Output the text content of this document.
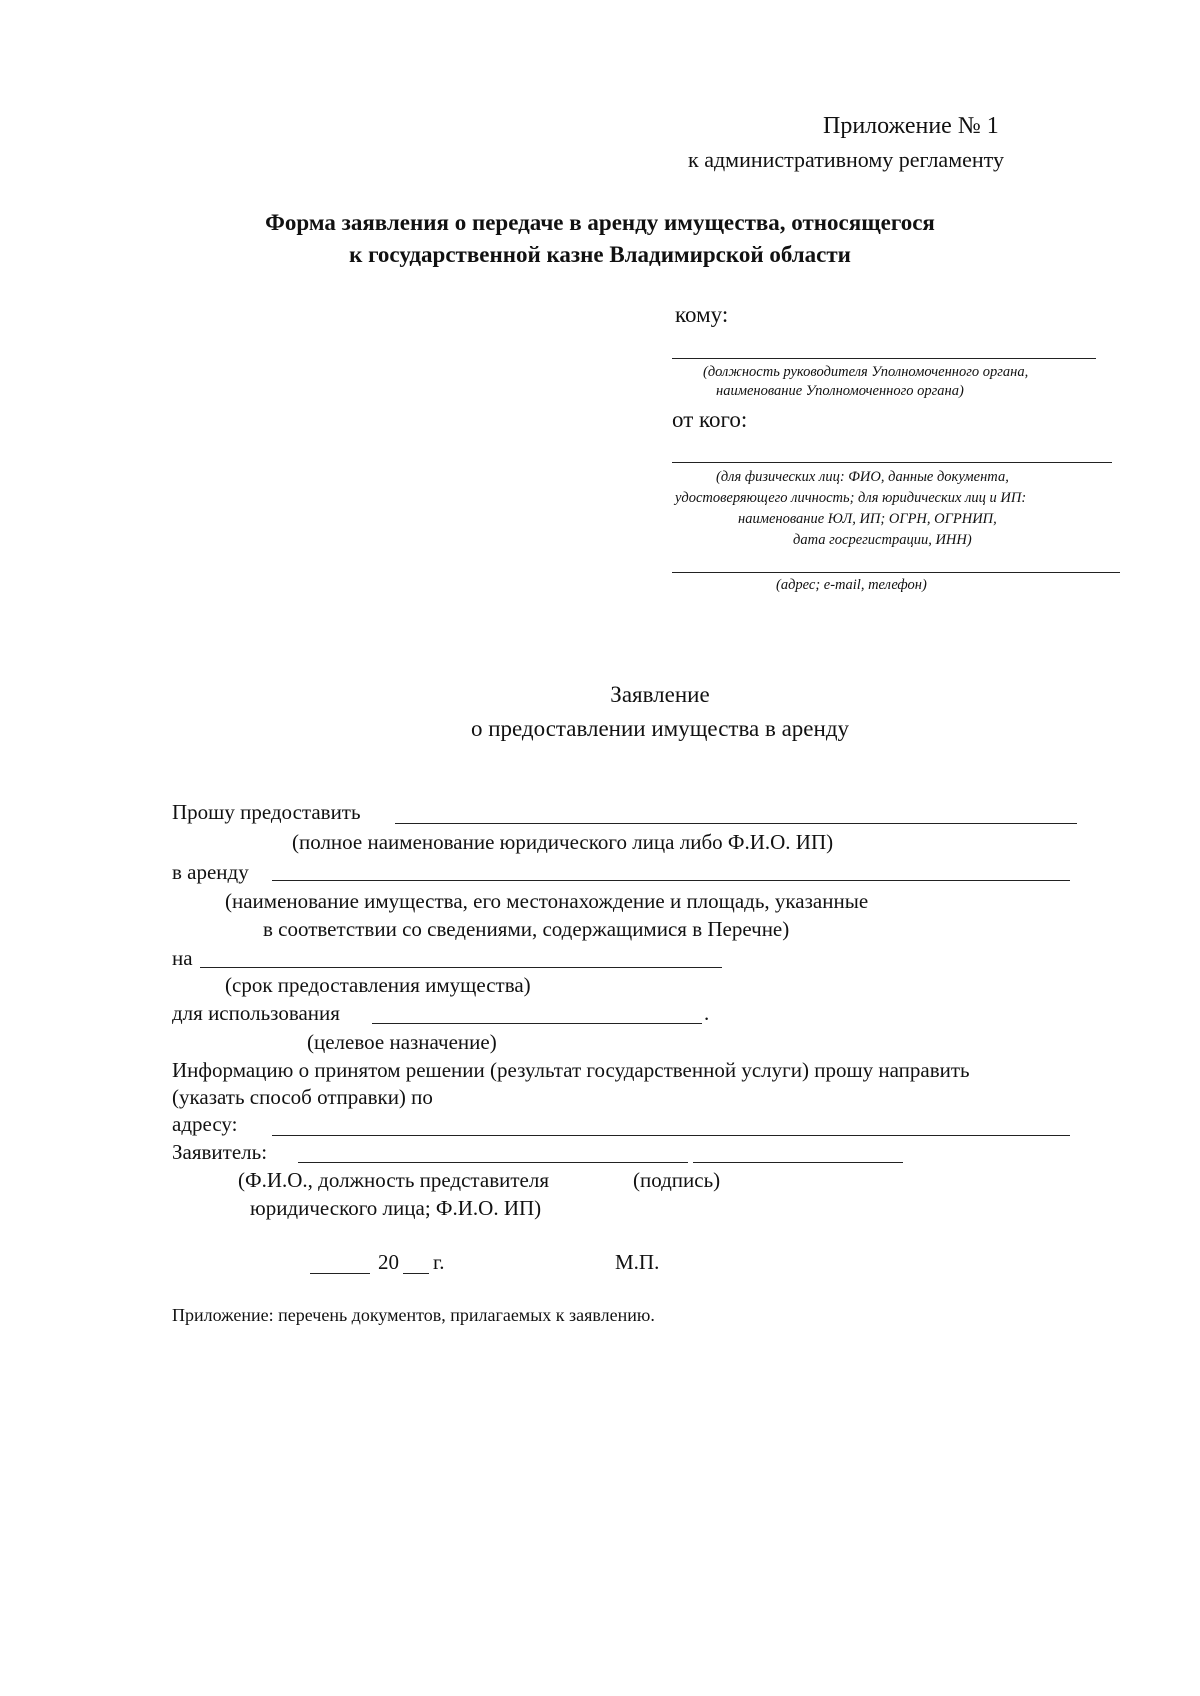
Приложение № 1
к административному регламенту
Форма заявления о передаче в аренду имущества, относящегося
к государственной казне Владимирской области
кому:
(должность руководителя Уполномоченного органа,
наименование Уполномоченного органа)
от кого:
(для физических лиц: ФИО, данные документа,
удостоверяющего личность; для юридических лиц и ИП:
наименование ЮЛ, ИП; ОГРН, ОГРНИП,
дата госрегистрации, ИНН)
(адрес; e-mail, телефон)
Заявление
о предоставлении имущества в аренду
Прошу предоставить
(полное наименование юридического лица либо Ф.И.О. ИП)
в аренду
(наименование имущества, его местонахождение и площадь, указанные
в соответствии со сведениями, содержащимися в Перечне)
на
(срок предоставления имущества)
для использования	.
(целевое назначение)
Информацию о принятом решении (результат государственной услуги) прошу направить
(указать способ отправки) по
адресу:
Заявитель:
(Ф.И.О., должность представителя	(подпись)
юридического лица; Ф.И.О. ИП)
20 г.	М.П.
Приложение: перечень документов, прилагаемых к заявлению.
